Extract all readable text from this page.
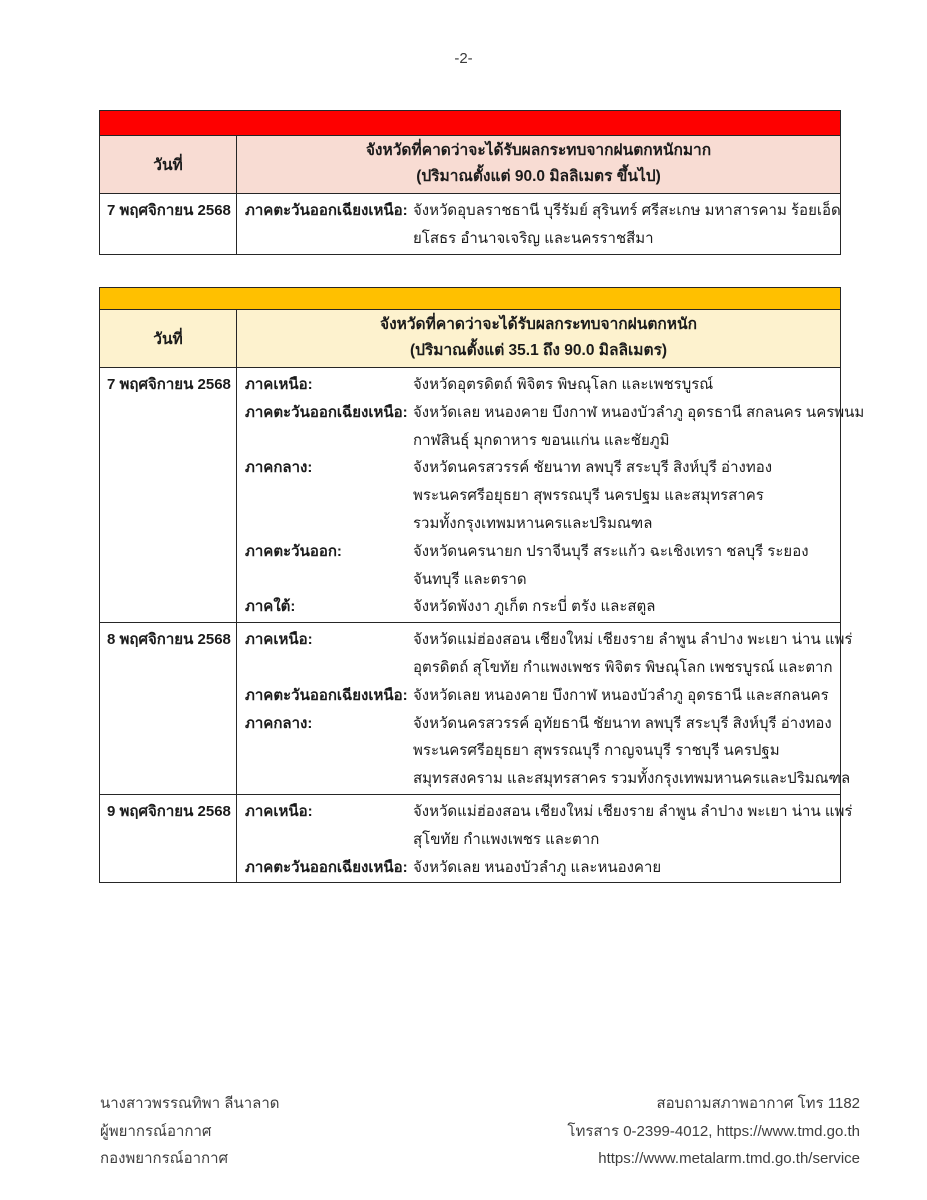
-2-
วันที่
จังหวัดที่คาดว่าจะได้รับผลกระทบจากฝนตกหนักมาก
(ปริมาณตั้งแต่ 90.0 มิลลิเมตร ขึ้นไป)
7 พฤศจิกายน 2568 ภาคตะวันออกเฉียงเหนือ: จังหวัดอุบลราชธานี บุรีรัมย์ สุรินทร์ ศรีสะเกษ มหาสารคาม ร้อยเอ็ด
ยโสธร อำนาจเจริญ และนครราชสีมา
วันที่
จังหวัดที่คาดว่าจะได้รับผลกระทบจากฝนตกหนัก
(ปริมาณตั้งแต่ 35.1 ถึง 90.0 มิลลิเมตร)
7 พฤศจิกายน 2568 ภาคเหนือ:	จังหวัดอุตรดิตถ์ พิจิตร พิษณุโลก และเพชรบูรณ์
ภาคตะวันออกเฉียงเหนือ: จังหวัดเลย หนองคาย บึงกาฬ หนองบัวลำภู อุดรธานี สกลนคร นครพนม
กาฬสินธุ์ มุกดาหาร ขอนแก่น และชัยภูมิ
ภาคกลาง:	จังหวัดนครสวรรค์ ชัยนาท ลพบุรี สระบุรี สิงห์บุรี อ่างทอง
พระนครศรีอยุธยา สุพรรณบุรี นครปฐม และสมุทรสาคร
รวมทั้งกรุงเทพมหานครและปริมณฑล
ภาคตะวันออก:	จังหวัดนครนายก ปราจีนบุรี สระแก้ว ฉะเชิงเทรา ชลบุรี ระยอง
จันทบุรี และตราด
ภาคใต้:	จังหวัดพังงา ภูเก็ต กระบี่ ตรัง และสตูล
8 พฤศจิกายน 2568 ภาคเหนือ:	จังหวัดแม่ฮ่องสอน เชียงใหม่ เชียงราย ลำพูน ลำปาง พะเยา น่าน แพร่
อุตรดิตถ์ สุโขทัย กำแพงเพชร พิจิตร พิษณุโลก เพชรบูรณ์ และตาก
ภาคตะวันออกเฉียงเหนือ: จังหวัดเลย หนองคาย บึงกาฬ หนองบัวลำภู อุดรธานี และสกลนคร
ภาคกลาง:	จังหวัดนครสวรรค์ อุทัยธานี ชัยนาท ลพบุรี สระบุรี สิงห์บุรี อ่างทอง
พระนครศรีอยุธยา สุพรรณบุรี กาญจนบุรี ราชบุรี นครปฐม
สมุทรสงคราม และสมุทรสาคร รวมทั้งกรุงเทพมหานครและปริมณฑล
9 พฤศจิกายน 2568 ภาคเหนือ:	จังหวัดแม่ฮ่องสอน เชียงใหม่ เชียงราย ลำพูน ลำปาง พะเยา น่าน แพร่
สุโขทัย กำแพงเพชร และตาก
ภาคตะวันออกเฉียงเหนือ: จังหวัดเลย หนองบัวลำภู และหนองคาย
นางสาวพรรณทิพา ลีนาลาด
ผู้พยากรณ์อากาศ
กองพยากรณ์อากาศ
สอบถามสภาพอากาศ โทร 1182
โทรสาร 0-2399-4012, https://www.tmd.go.th
https://www.metalarm.tmd.go.th/service
